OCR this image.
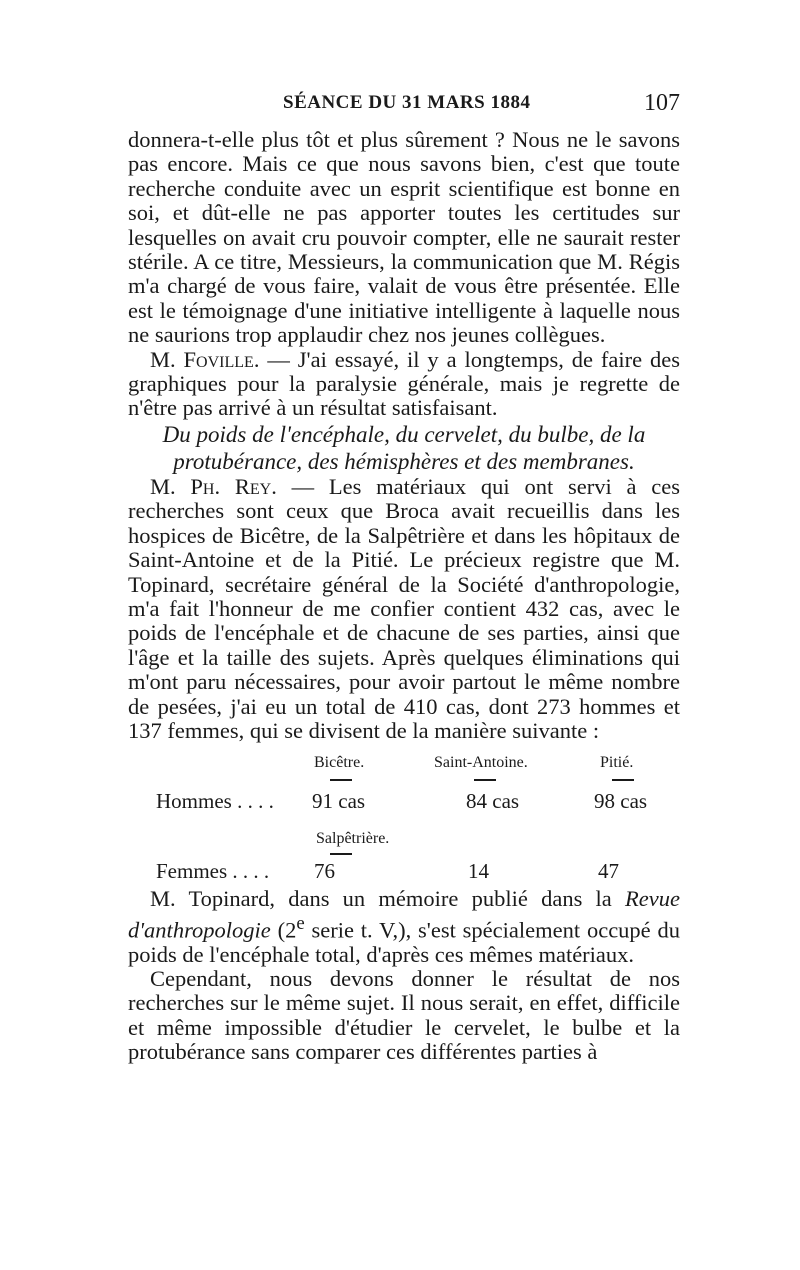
SÉANCE DU 31 MARS 1884	107

donnera-t-elle plus tôt et plus sûrement ? Nous ne le savons pas encore. Mais ce que nous savons bien, c'est que toute recherche conduite avec un esprit scientifique est bonne en soi, et dût-elle ne pas apporter toutes les certitudes sur lesquelles on avait cru pouvoir compter, elle ne saurait rester stérile. A ce titre, Messieurs, la communication que M. Régis m'a chargé de vous faire, valait de vous être présentée. Elle est le témoignage d'une initiative intelligente à laquelle nous ne saurions trop applaudir chez nos jeunes collègues.

M. Foville. — J'ai essayé, il y a longtemps, de faire des graphiques pour la paralysie générale, mais je regrette de n'être pas arrivé à un résultat satisfaisant.

Du poids de l'encéphale, du cervelet, du bulbe, de la protubérance, des hémisphères et des membranes.

M. Ph. Rey. — Les matériaux qui ont servi à ces recherches sont ceux que Broca avait recueillis dans les hospices de Bicêtre, de la Salpêtrière et dans les hôpitaux de Saint-Antoine et de la Pitié. Le précieux registre que M. Topinard, secrétaire général de la Société d'anthropologie, m'a fait l'honneur de me confier contient 432 cas, avec le poids de l'encéphale et de chacune de ses parties, ainsi que l'âge et la taille des sujets. Après quelques éliminations qui m'ont paru nécessaires, pour avoir partout le même nombre de pesées, j'ai eu un total de 410 cas, dont 273 hommes et 137 femmes, qui se divisent de la manière suivante :

Bicêtre.	Saint-Antoine.	Pitié.
Hommes . . . . 91 cas	84 cas	98 cas
Salpêtrière.
Femmes . . . . 76	14	47

M. Topinard, dans un mémoire publié dans la Revue d'anthropologie (2e serie t. V,), s'est spécialement occupé du poids de l'encéphale total, d'après ces mêmes matériaux.

Cependant, nous devons donner le résultat de nos recherches sur le même sujet. Il nous serait, en effet, difficile et même impossible d'étudier le cervelet, le bulbe et la protubérance sans comparer ces différentes parties à
